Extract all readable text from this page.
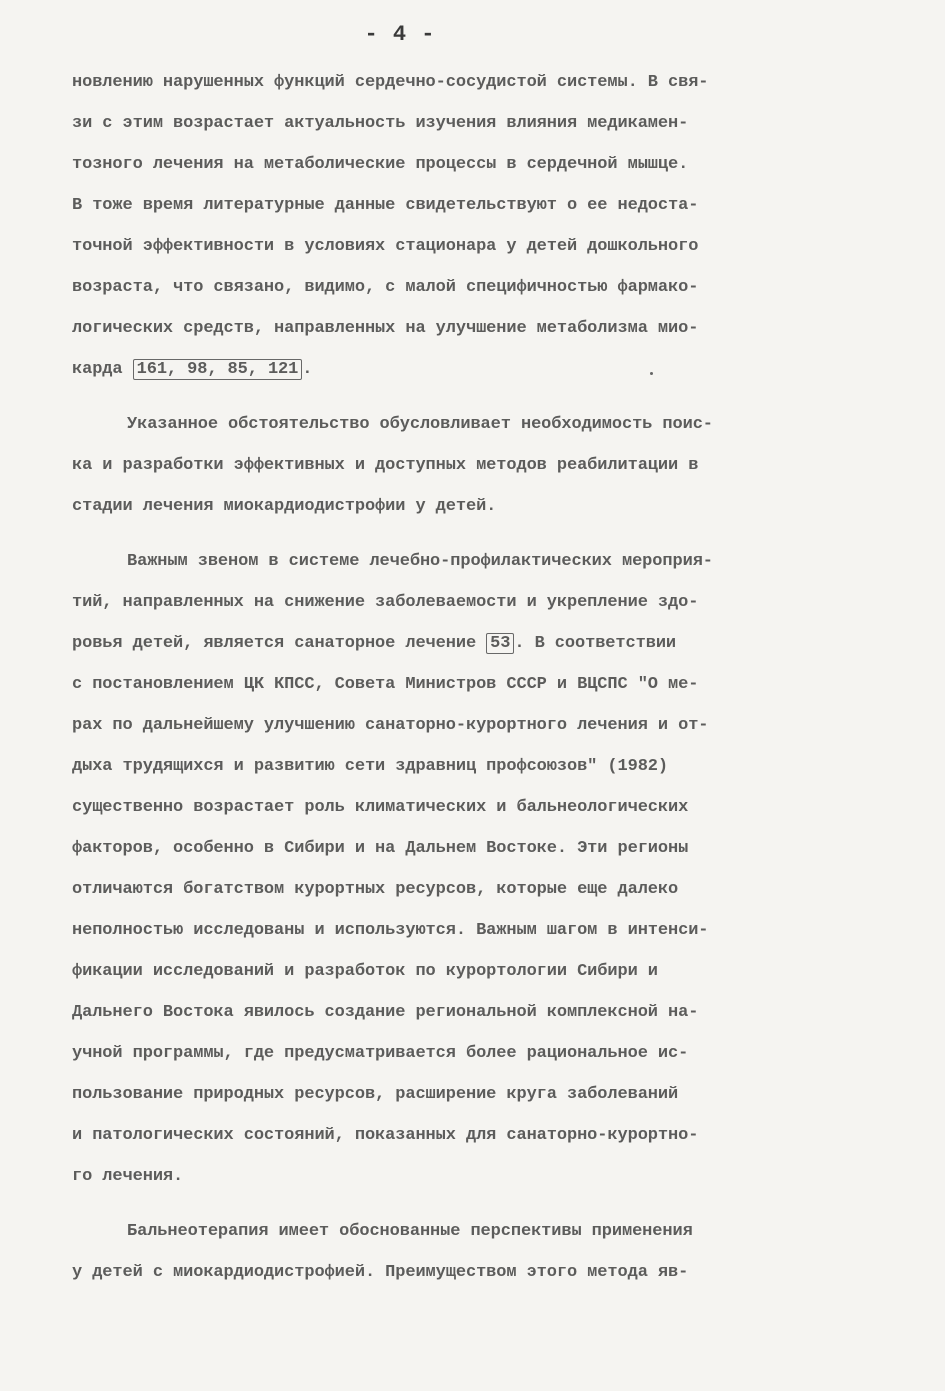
- 4 -
новлению нарушенных функций сердечно-сосудистой системы. В свя-
зи с этим возрастает актуальность изучения влияния медикамен-
тозного лечения на метаболические процессы в сердечной мышце.
В тоже время литературные данные свидетельствуют о ее недоста-
точной эффективности в условиях стационара у детей дошкольного
возраста, что связано, видимо, с малой специфичностью фармако-
логических средств, направленных на улучшение метаболизма мио-
карда 161, 98, 85, 121 .
Указанное обстоятельство обусловливает необходимость поис-
ка и разработки эффективных и доступных методов реабилитации в
стадии лечения миокардиодистрофии у детей.
Важным звеном в системе лечебно-профилактических мероприя-
тий, направленных на снижение заболеваемости и укрепление здо-
ровья детей, является санаторное лечение 53 . В соответствии
с постановлением ЦК КПСС, Совета Министров СССР и ВЦСПС "О ме-
рах по дальнейшему улучшению санаторно-курортного лечения и от-
дыха трудящихся и развитию сети здравниц профсоюзов" (1982)
существенно возрастает роль климатических и бальнеологических
факторов, особенно в Сибири и на Дальнем Востоке. Эти регионы
отличаются богатством курортных ресурсов, которые еще далеко
неполностью исследованы и используются. Важным шагом в интенси-
фикации исследований и разработок по курортологии Сибири и
Дальнего Востока явилось создание региональной комплексной на-
учной программы, где предусматривается более рациональное ис-
пользование природных ресурсов, расширение круга заболеваний
и патологических состояний, показанных для санаторно-курортно-
го лечения.
Бальнеотерапия имеет обоснованные перспективы применения
у детей с миокардиодистрофией. Преимуществом этого метода яв-
